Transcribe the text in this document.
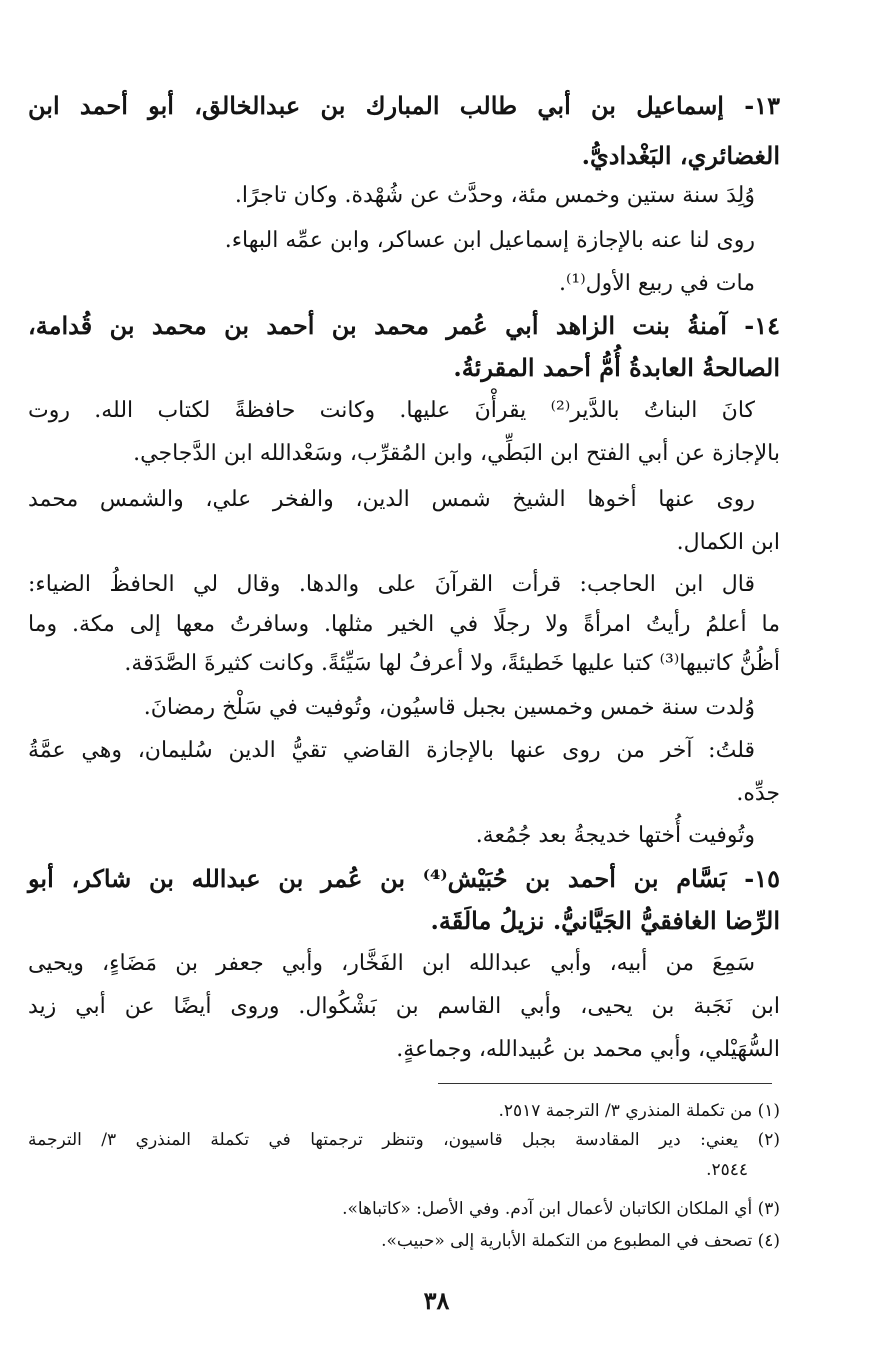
١٣- إسماعيل بن أبي طالب المبارك بن عبدالخالق، أبو أحمد ابن
الغضائري، البَغْداديُّ.
وُلِدَ سنة ستين وخمس مئة، وحدَّث عن شُهْدة. وكان تاجرًا.
روى لنا عنه بالإجازة إسماعيل ابن عساكر، وابن عمِّه البهاء.
مات في ربيع الأول⁽¹⁾.
١٤- آمنةُ بنت الزاهد أبي عُمر محمد بن أحمد بن محمد بن قُدامة،
الصالحةُ العابدةُ أُمُّ أحمد المقرئةُ.
كانَ البناتُ بالدَّير⁽²⁾ يقرأْنَ عليها. وكانت حافظةً لكتاب الله. روت
بالإجازة عن أبي الفتح ابن البَطِّي، وابن المُقرِّب، وسَعْدالله ابن الدَّجاجي.
روى عنها أخوها الشيخ شمس الدين، والفخر علي، والشمس محمد
ابن الكمال.
قال ابن الحاجب: قرأت القرآنَ على والدها. وقال لي الحافظُ الضياء:
ما أعلمُ رأيتُ امرأةً ولا رجلًا في الخير مثلها. وسافرتُ معها إلى مكة. وما
أظُنُّ كاتبيها⁽³⁾ كتبا عليها خَطيئةً، ولا أعرفُ لها سَيِّئةً. وكانت كثيرةَ الصَّدَقة.
وُلدت سنة خمس وخمسين بجبل قاسيُون، وتُوفيت في سَلْخ رمضانَ.
قلتُ: آخر من روى عنها بالإجازة القاضي تقيُّ الدين سُليمان، وهي عمَّةُ
جدِّه.
وتُوفيت أُختها خديجةُ بعد جُمُعة.
١٥- بَسَّام بن أحمد بن حُبَيْش⁽⁴⁾ بن عُمر بن عبدالله بن شاكر، أبو
الرِّضا الغافقيُّ الجَيَّانيُّ. نزيلُ مالَقَة.
سَمِعَ من أبيه، وأبي عبدالله ابن الفَخَّار، وأبي جعفر بن مَضَاءٍ، ويحيى
ابن نَجَبة بن يحيى، وأبي القاسم بن بَشْكُوال. وروى أيضًا عن أبي زيد
السُّهَيْلي، وأبي محمد بن عُبيدالله، وجماعةٍ.
(١) من تكملة المنذري ٣/ الترجمة ٢٥١٧.
(٢) يعني: دير المقادسة بجبل قاسيون، وتنظر ترجمتها في تكملة المنذري ٣/ الترجمة
٢٥٤٤.
(٣) أي الملكان الكاتبان لأعمال ابن آدم. وفي الأصل: «كاتباها».
(٤) تصحف في المطبوع من التكملة الأبارية إلى «حبيب».
٣٨
